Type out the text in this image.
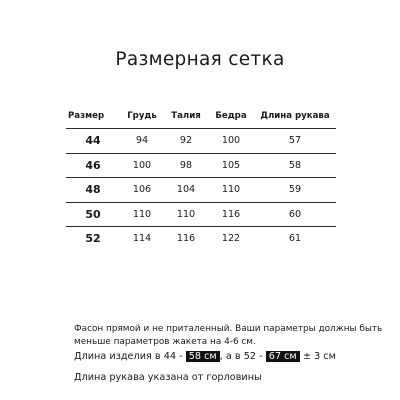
Размерная сетка
Размер	Грудь	Талия	Бедра	Длина рукава
44	94	92	100	57
46	100	98	105	58
48	106	104	110	59
50	110	110	116	60
52	114	116	122	61
Фасон прямой и не приталенный. Ваши параметры должны быть меньше параметров жакета на 4-6 см.
Длина изделия в 44 - 58 см , а в 52 - 67 см ± 3 см
Длина рукава указана от горловины
